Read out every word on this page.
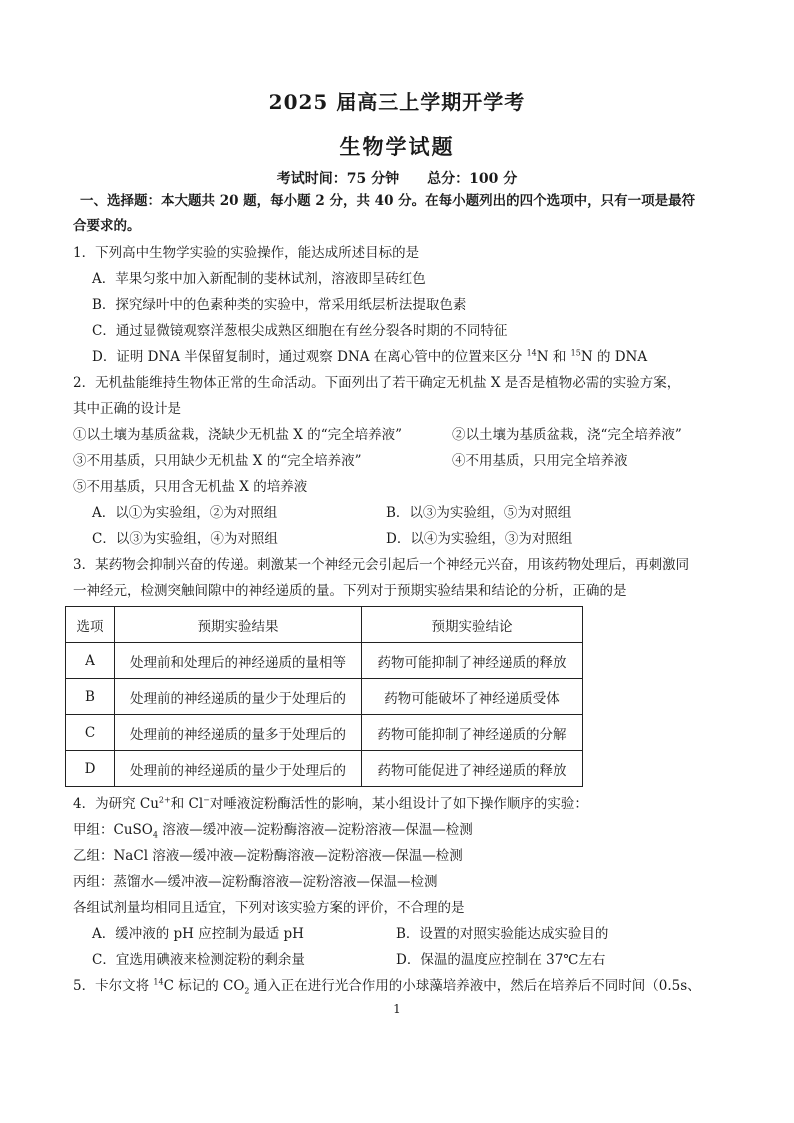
2025 届高三上学期开学考
生物学试题
考试时间：75 分钟 总分：100 分
一、选择题：本大题共 20 题，每小题 2 分，共 40 分。在每小题列出的四个选项中，只有一项是最符
合要求的。
1．下列高中生物学实验的实验操作，能达成所述目标的是
A．苹果匀浆中加入新配制的斐林试剂，溶液即呈砖红色
B．探究绿叶中的色素种类的实验中，常采用纸层析法提取色素
C．通过显微镜观察洋葱根尖成熟区细胞在有丝分裂各时期的不同特征
D．证明 DNA 半保留复制时，通过观察 DNA 在离心管中的位置来区分 $^{14}$N 和 $^{15}$N 的 DNA
2．无机盐能维持生物体正常的生命活动。下面列出了若干确定无机盐 X 是否是植物必需的实验方案，
其中正确的设计是
①以土壤为基质盆栽，浇缺少无机盐 X 的“完全培养液”	②以土壤为基质盆栽，浇“完全培养液”
③不用基质，只用缺少无机盐 X 的“完全培养液”	④不用基质，只用完全培养液
⑤不用基质，只用含无机盐 X 的培养液
A．以①为实验组，②为对照组	B．以③为实验组，⑤为对照组
C．以③为实验组，④为对照组	D．以④为实验组，③为对照组
3．某药物会抑制兴奋的传递。刺激某一个神经元会引起后一个神经元兴奋，用该药物处理后，再刺激同
一神经元，检测突触间隙中的神经递质的量。下列对于预期实验结果和结论的分析，正确的是
选项	预期实验结果	预期实验结论
A	处理前和处理后的神经递质的量相等	药物可能抑制了神经递质的释放
B	处理前的神经递质的量少于处理后的	药物可能破坏了神经递质受体
C	处理前的神经递质的量多于处理后的	药物可能抑制了神经递质的分解
D	处理前的神经递质的量少于处理后的	药物可能促进了神经递质的释放
4．为研究 $Cu^{2+}$和 Cl−对唾液淀粉酶活性的影响，某小组设计了如下操作顺序的实验：
甲组：CuSO$_4$ 溶液—缓冲液—淀粉酶溶液—淀粉溶液—保温—检测
乙组：NaCl 溶液—缓冲液—淀粉酶溶液—淀粉溶液—保温—检测
丙组：蒸馏水—缓冲液—淀粉酶溶液—淀粉溶液—保温—检测
各组试剂量均相同且适宜，下列对该实验方案的评价，不合理的是
A．缓冲液的 pH 应控制为最适 pH	B．设置的对照实验能达成实验目的
C．宜选用碘液来检测淀粉的剩余量	D．保温的温度应控制在 37℃左右
5．卡尔文将 $^{14}$C 标记的 $CO_2$ 通入正在进行光合作用的小球藻培养液中，然后在培养后不同时间（0.5s、
1
